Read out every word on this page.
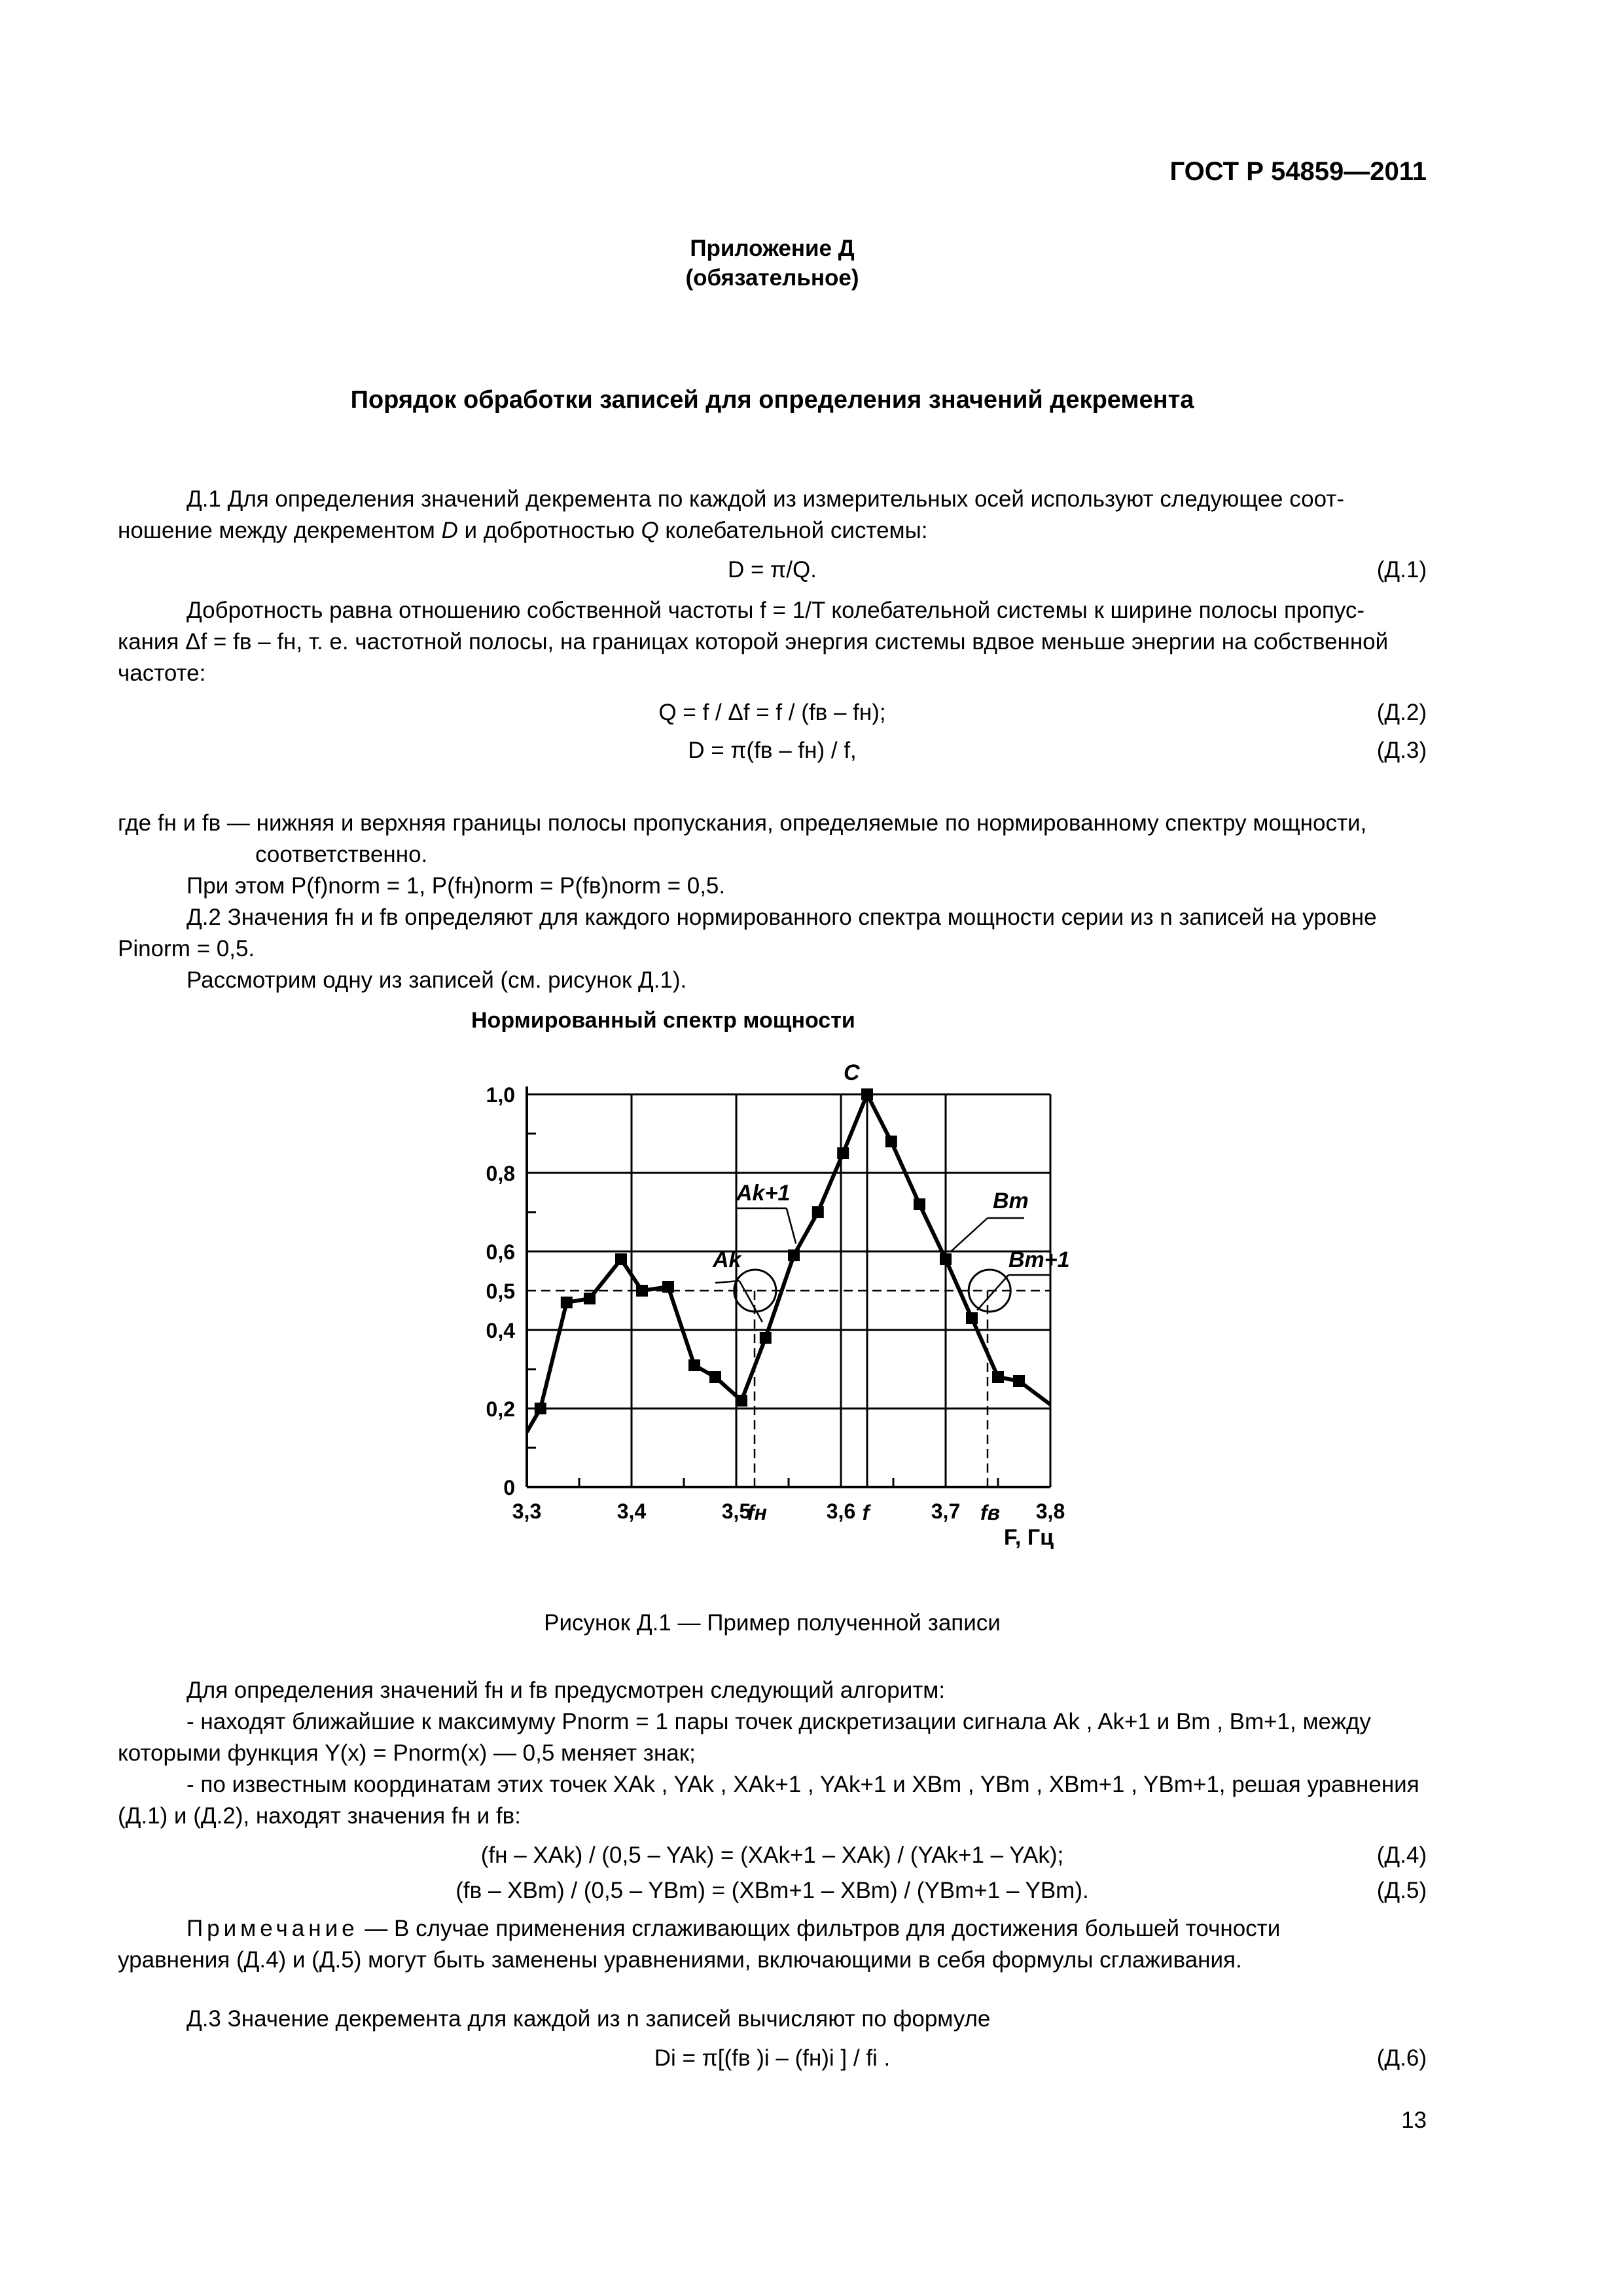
ГОСТ Р 54859—2011
Приложение Д
(обязательное)
Порядок обработки записей для определения значений декремента
Д.1 Для определения значений декремента по каждой из измерительных осей используют следующее соот-
ношение между декрементом D и добротностью Q колебательной системы:
D = π/Q.	(Д.1)
Добротность равна отношению собственной частоты f = 1/T колебательной системы к ширине полосы пропус-
кания Δf = fв – fн, т. е. частотной полосы, на границах которой энергия системы вдвое меньше энергии на собственной
частоте:
Q = f / Δf = f / (fв – fн);	(Д.2)
D = π(fв – fн) / f,	(Д.3)
где fн и fв — нижняя и верхняя границы полосы пропускания, определяемые по нормированному спектру мощности,
соответственно.
При этом P(f)norm = 1, P(fн)norm = P(fв)norm = 0,5.
Д.2 Значения fн и fв определяют для каждого нормированного спектра мощности серии из n записей на уровне
Pinorm = 0,5.
Рассмотрим одну из записей (см. рисунок Д.1).
Нормированный спектр мощности
0
0,2
0,4
0,5
0,6
0,8
1,0
3,3	3,4	3,5	3,6	3,7	3,8
fн	f	fв
C
Ak
Ak+1	Bm
Bm+1
F, Гц
Рисунок Д.1 — Пример полученной записи
Для определения значений fн и fв предусмотрен следующий алгоритм:
- находят ближайшие к максимуму Pnorm = 1 пары точек дискретизации сигнала Ak , Ak+1 и Bm , Bm+1, между
которыми функция Y(x) = Pnorm(x) — 0,5 меняет знак;
- по известным координатам этих точек XAk , YAk , XAk+1 , YAk+1 и XBm , YBm , XBm+1 , YBm+1, решая уравнения
(Д.1) и (Д.2), находят значения fн и fв:
(fн – XAk) / (0,5 – YAk) = (XAk+1 – XAk) / (YAk+1 – YAk);	(Д.4)
(fв – XBm) / (0,5 – YBm) = (XBm+1 – XBm) / (YBm+1 – YBm).	(Д.5)
Примечание — В случае применения сглаживающих фильтров для достижения большей точности
уравнения (Д.4) и (Д.5) могут быть заменены уравнениями, включающими в себя формулы сглаживания.
Д.3 Значение декремента для каждой из n записей вычисляют по формуле
Di = π[(fв )i – (fн)i ] / fi .	(Д.6)
13
